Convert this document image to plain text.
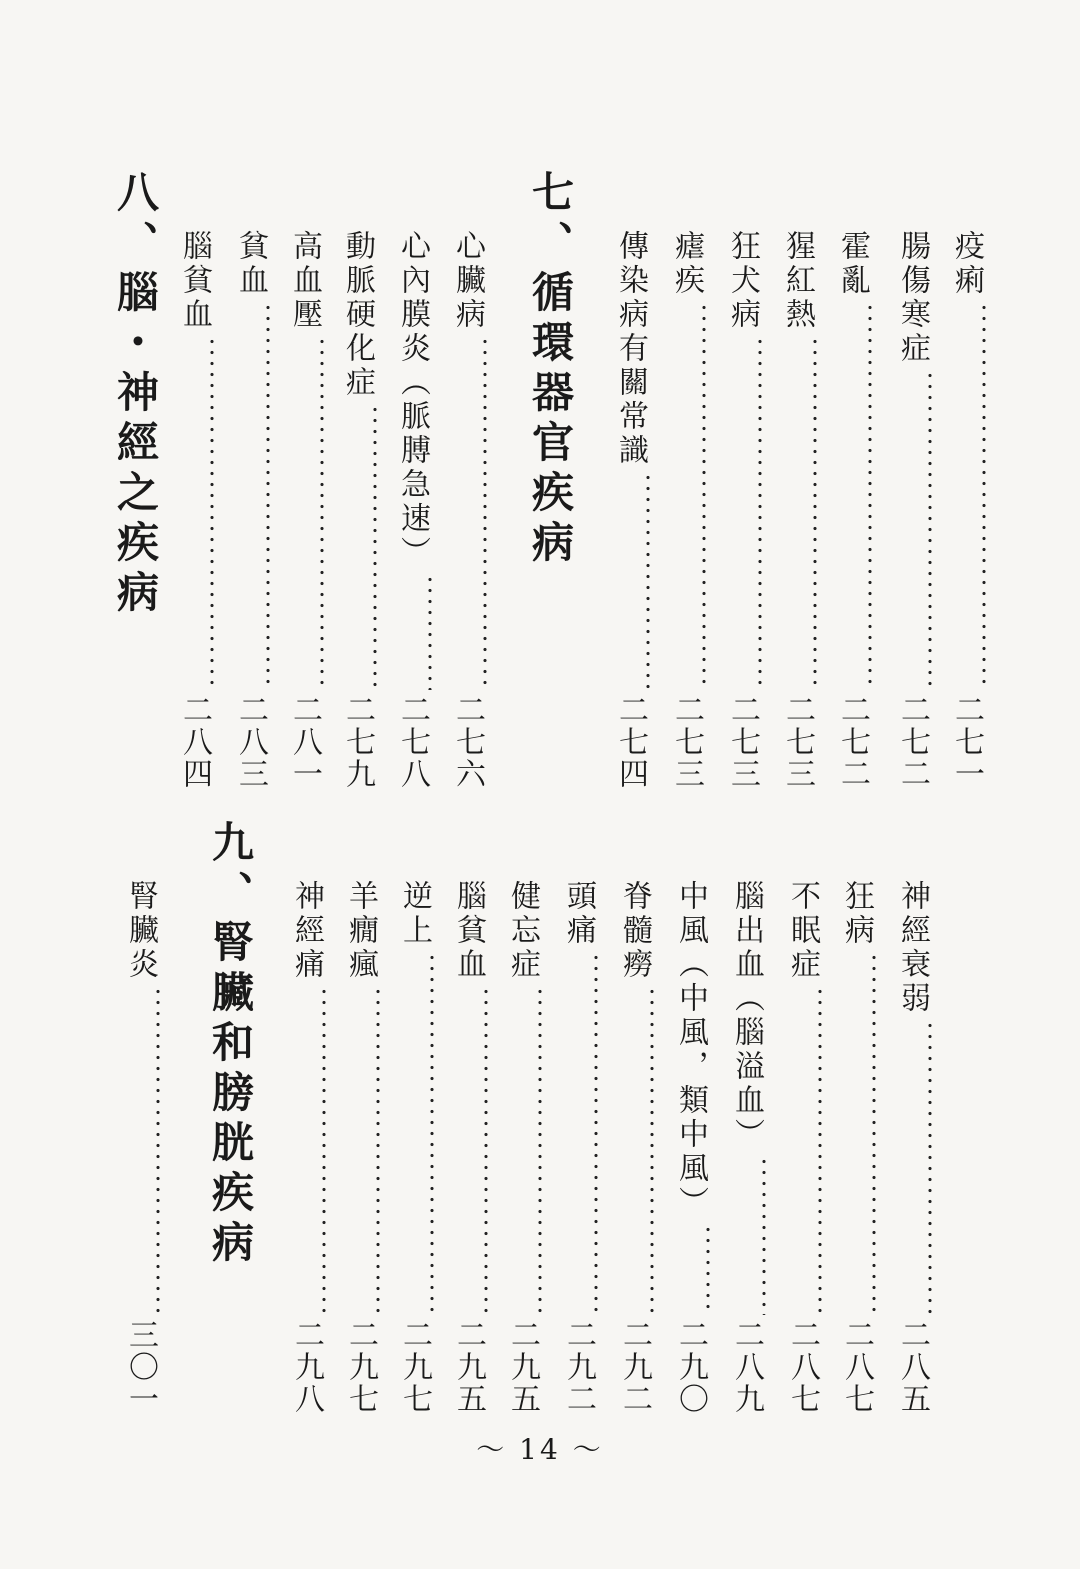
疫痢
二七一
腸傷寒症
二七二
霍亂
二七二
猩紅熱
二七三
狂犬病
二七三
瘧疾
二七三
傳染病有關常識
二七四
七、循環器官疾病
心臟病
二七六
心內膜炎（脈膊急速）
二七八
動脈硬化症
二七九
高血壓
二八一
貧血
二八三
腦貧血
二八四
八、腦・神經之疾病
神經衰弱
二八五
狂病
二八七
不眠症
二八七
腦出血（腦溢血）
二八九
中風（中風，類中風）
二九〇
脊髓癆
二九二
頭痛
二九二
健忘症
二九五
腦貧血
二九五
逆上
二九七
羊癇瘋
二九七
神經痛
二九八
九、腎臟和膀胱疾病
腎臟炎
三〇一
～ 14 ～
